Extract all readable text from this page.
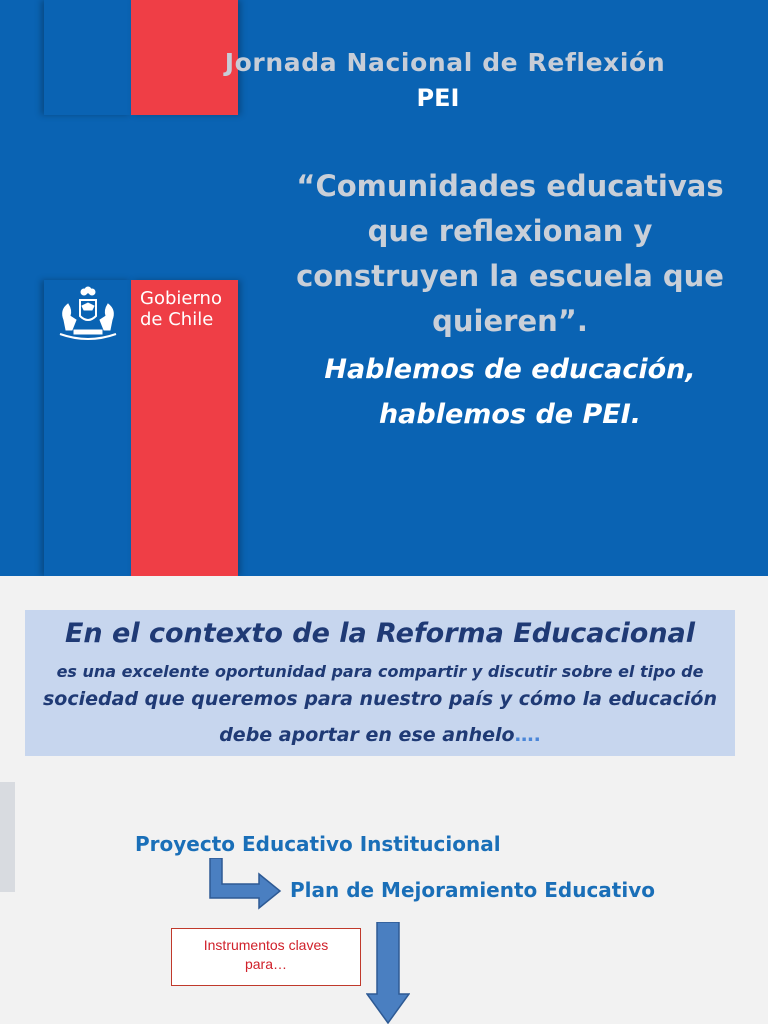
Gobierno
de Chile
Jornada Nacional de Reflexión
PEI
“Comunidades educativas
que reflexionan y
construyen la escuela que
quieren”.
Hablemos de educación,
hablemos de PEI.
En el contexto de la Reforma Educacional
es una excelente oportunidad para compartir y discutir sobre el tipo de
sociedad que queremos para nuestro país y cómo la educación
debe aportar en ese anhelo….
Proyecto Educativo Institucional
Plan de Mejoramiento Educativo
Instrumentos claves
para…
